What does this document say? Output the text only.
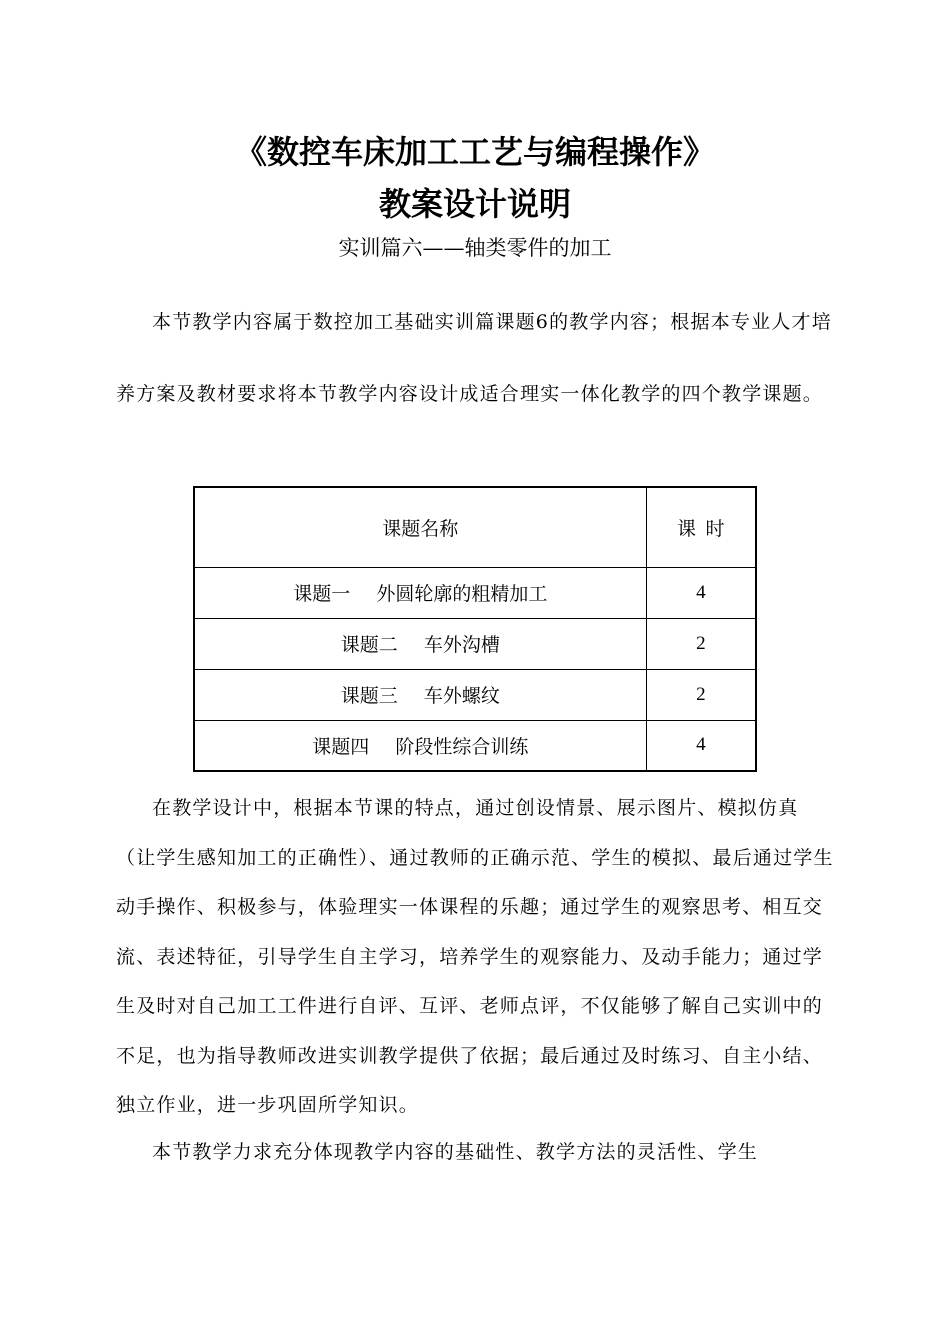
《数控车床加工工艺与编程操作》
教案设计说明
实训篇六——轴类零件的加工
本节教学内容属于数控加工基础实训篇课题6的教学内容；根据本专业人才培养方案及教材要求将本节教学内容设计成适合理实一体化教学的四个教学课题。
课题名称	课  时
课题一 外圆轮廓的粗精加工	4
课题二 车外沟槽	2
课题三 车外螺纹	2
课题四 阶段性综合训练	4
在教学设计中，根据本节课的特点，通过创设情景、展示图片、模拟仿真（让学生感知加工的正确性）、通过教师的正确示范、学生的模拟、最后通过学生动手操作、积极参与，体验理实一体课程的乐趣；通过学生的观察思考、相互交流、表述特征，引导学生自主学习，培养学生的观察能力、及动手能力；通过学生及时对自己加工工件进行自评、互评、老师点评，不仅能够了解自己实训中的不足，也为指导教师改进实训教学提供了依据；最后通过及时练习、自主小结、独立作业，进一步巩固所学知识。
本节教学力求充分体现教学内容的基础性、教学方法的灵活性、学生
